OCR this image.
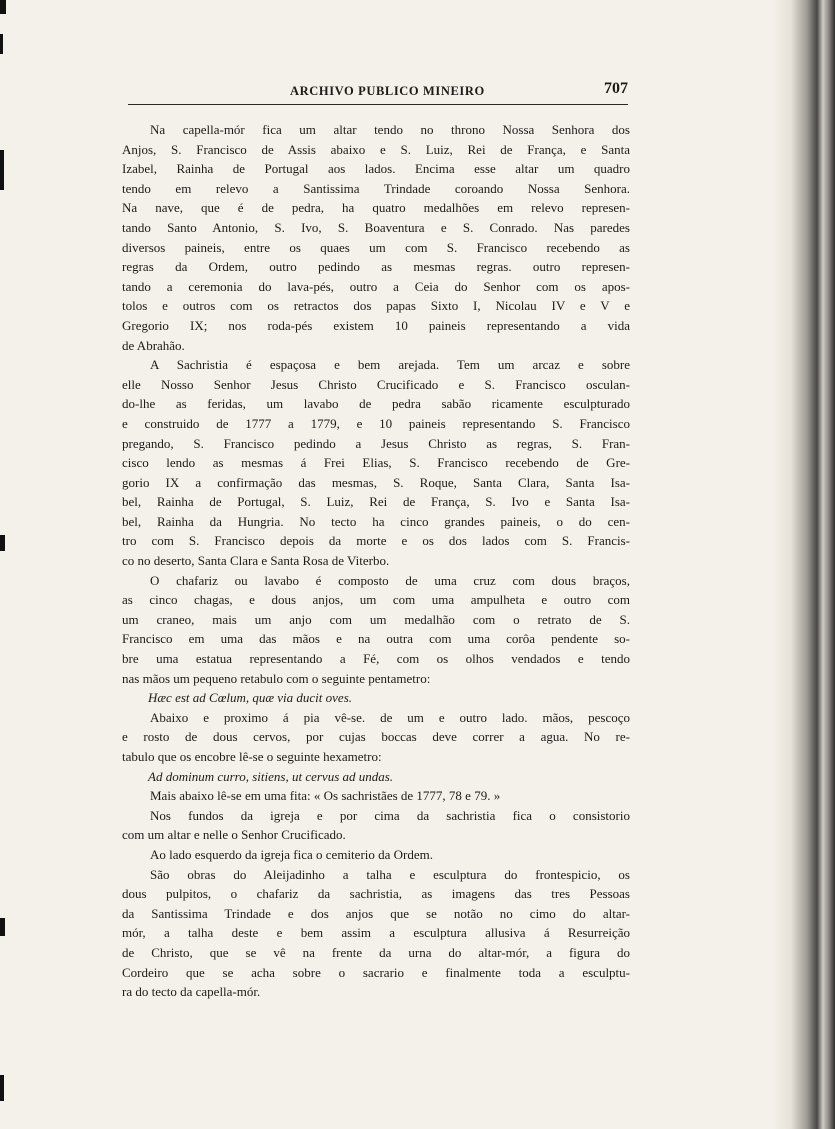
ARCHIVO PUBLICO MINEIRO	707
Na capella-mór fica um altar tendo no throno Nossa Senhora dos
Anjos, S. Francisco de Assis abaixo e S. Luiz, Rei de França, e Santa
Izabel, Rainha de Portugal aos lados. Encima esse altar um quadro
tendo em relevo a Santissima Trindade coroando Nossa Senhora.
Na nave, que é de pedra, ha quatro medalhões em relevo represen-
tando Santo Antonio, S. Ivo, S. Boaventura e S. Conrado. Nas paredes
diversos paineis, entre os quaes um com S. Francisco recebendo as
regras da Ordem, outro pedindo as mesmas regras. outro represen-
tando a ceremonia do lava-pés, outro a Ceia do Senhor com os apos-
tolos e outros com os retractos dos papas Sixto I, Nicolau IV e V e
Gregorio IX; nos roda-pés existem 10 paineis representando a vida
de Abrahão.
A Sachristia é espaçosa e bem arejada. Tem um arcaz e sobre
elle Nosso Senhor Jesus Christo Crucificado e S. Francisco osculan-
do-lhe as feridas, um lavabo de pedra sabão ricamente esculpturado
e construido de 1777 a 1779, e 10 paineis representando S. Francisco
pregando, S. Francisco pedindo a Jesus Christo as regras, S. Fran-
cisco lendo as mesmas á Frei Elias, S. Francisco recebendo de Gre-
gorio IX a confirmação das mesmas, S. Roque, Santa Clara, Santa Isa-
bel, Rainha de Portugal, S. Luiz, Rei de França, S. Ivo e Santa Isa-
bel, Rainha da Hungria. No tecto ha cinco grandes paineis, o do cen-
tro com S. Francisco depois da morte e os dos lados com S. Francis-
co no deserto, Santa Clara e Santa Rosa de Viterbo.
O chafariz ou lavabo é composto de uma cruz com dous braços,
as cinco chagas, e dous anjos, um com uma ampulheta e outro com
um craneo, mais um anjo com um medalhão com o retrato de S.
Francisco em uma das mãos e na outra com uma corôa pendente so-
bre uma estatua representando a Fé, com os olhos vendados e tendo
nas mãos um pequeno retabulo com o seguinte pentametro:
Hæc est ad Cœlum, quæ via ducit oves.
Abaixo e proximo á pia vê-se. de um e outro lado. mãos, pescoço
e rosto de dous cervos, por cujas boccas deve correr a agua. No re-
tabulo que os encobre lê-se o seguinte hexametro:
Ad dominum curro, sitiens, ut cervus ad undas.
Mais abaixo lê-se em uma fita: « Os sachristães de 1777, 78 e 79. »
Nos fundos da igreja e por cima da sachristia fica o consistorio
com um altar e nelle o Senhor Crucificado.
Ao lado esquerdo da igreja fica o cemiterio da Ordem.
São obras do Aleijadinho a talha e esculptura do frontespicio, os
dous pulpitos, o chafariz da sachristia, as imagens das tres Pessoas
da Santissima Trindade e dos anjos que se notão no cimo do altar-
mór, a talha deste e bem assim a esculptura allusiva á Resurreição
de Christo, que se vê na frente da urna do altar-mór, a figura do
Cordeiro que se acha sobre o sacrario e finalmente toda a esculptu-
ra do tecto da capella-mór.
